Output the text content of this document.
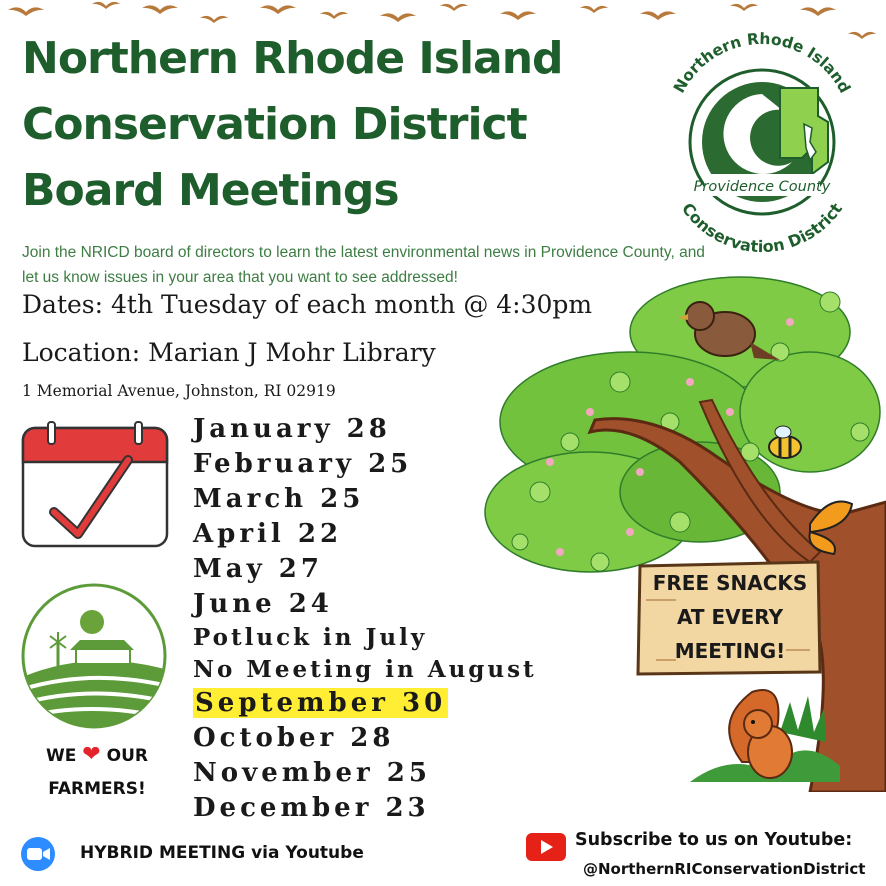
Northern Rhode Island
Conservation District
Board Meetings
Join the NRICD board of directors to learn the latest environmental news in Providence County, and let us know issues in your area that you want to see addressed!
Dates: 4th Tuesday of each month @ 4:30pm
Location: Marian J Mohr Library
1 Memorial Avenue, Johnston, RI 02919
WE ❤ OUR
FARMERS!
January 28
February 25
March 25
April 22
May 27
June 24
Potluck in July
No Meeting in August
September 30
October 28
November 25
December 23
Northern Rhode Island
Providence County
Conservation District
FREE SNACKS
AT EVERY
MEETING!
HYBRID MEETING via Youtube
Subscribe to us on Youtube:
@NorthernRIConservationDistrict
